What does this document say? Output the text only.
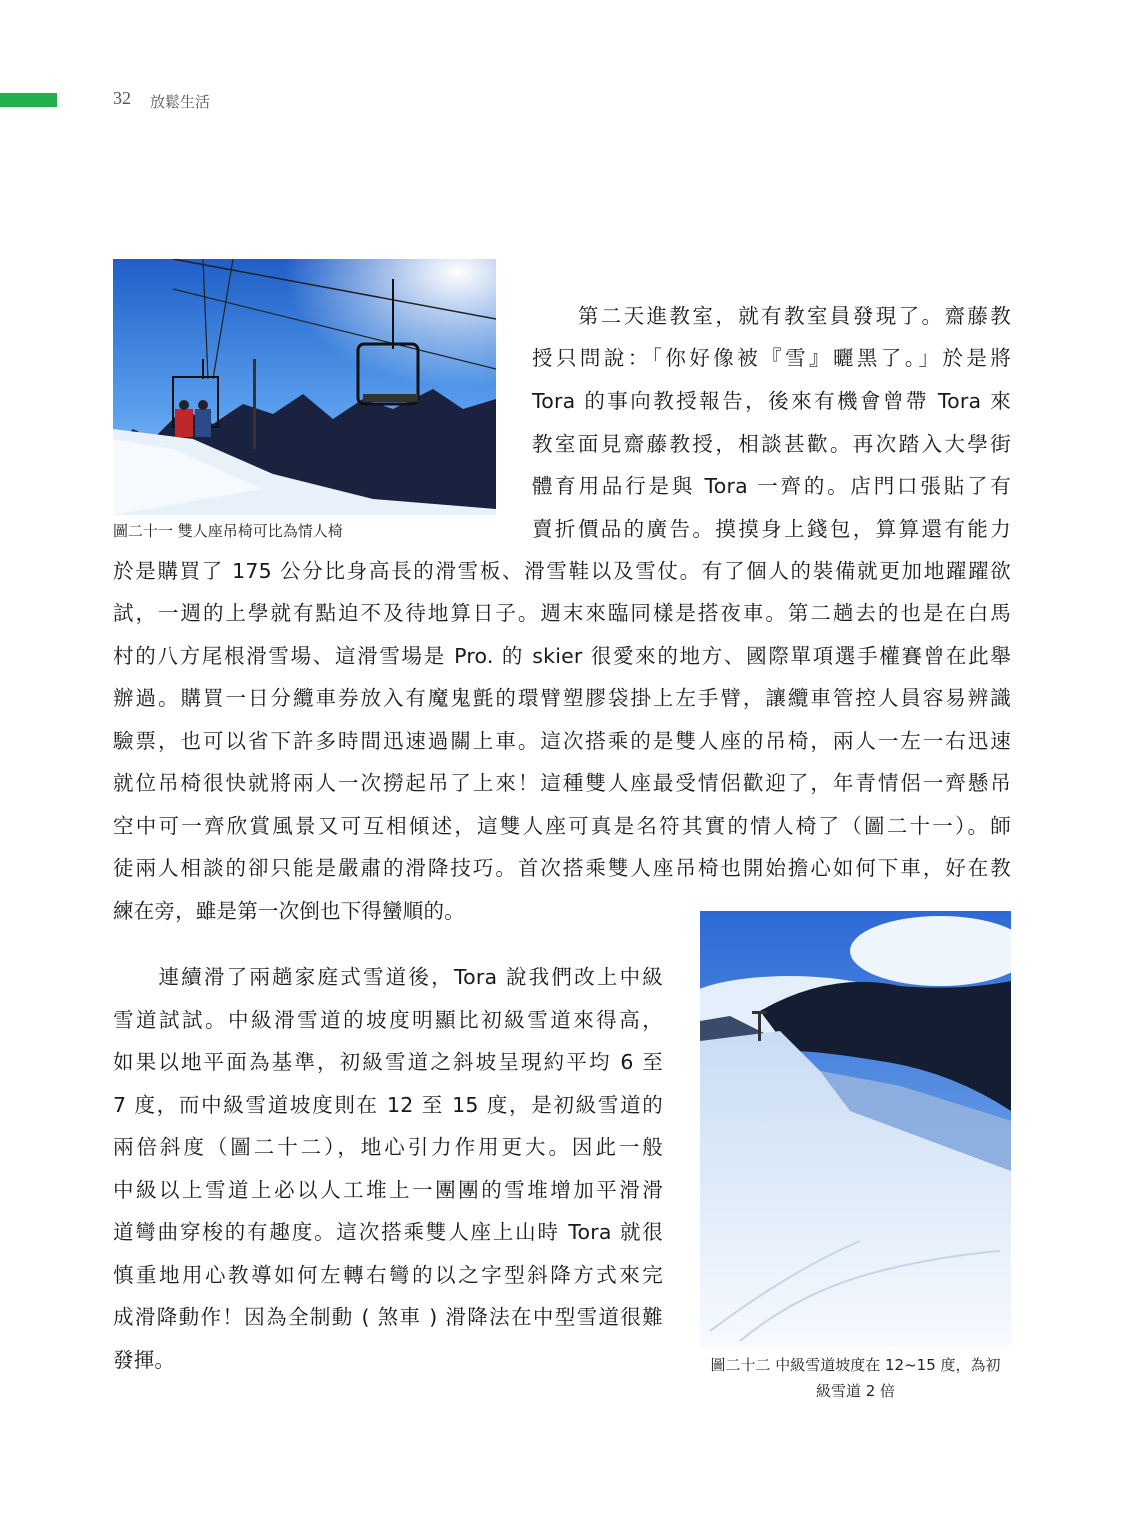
32 放鬆生活
圖二十一 雙人座吊椅可比為情人椅
圖二十二 中級雪道坡度在 12~15 度，為初
級雪道 2 倍
　　第二天進教室，就有教室員發現了。齋藤教
授只問說：「你好像被『雪』曬黑了。」於是將
Tora 的事向教授報告，後來有機會曾帶 Tora 來
教室面見齋藤教授，相談甚歡。再次踏入大學街
體育用品行是與 Tora 一齊的。店門口張貼了有
賣折價品的廣告。摸摸身上錢包，算算還有能力
於是購買了 175 公分比身高長的滑雪板、滑雪鞋以及雪仗。有了個人的裝備就更加地躍躍欲
試，一週的上學就有點迫不及待地算日子。週末來臨同樣是搭夜車。第二趟去的也是在白馬
村的八方尾根滑雪場、這滑雪場是 Pro. 的 skier 很愛來的地方、國際單項選手權賽曾在此舉
辦過。購買一日分纜車券放入有魔鬼氈的環臂塑膠袋掛上左手臂，讓纜車管控人員容易辨識
驗票，也可以省下許多時間迅速過關上車。這次搭乘的是雙人座的吊椅，兩人一左一右迅速
就位吊椅很快就將兩人一次撈起吊了上來！這種雙人座最受情侶歡迎了，年青情侶一齊懸吊
空中可一齊欣賞風景又可互相傾述，這雙人座可真是名符其實的情人椅了（圖二十一）。師
徒兩人相談的卻只能是嚴肅的滑降技巧。首次搭乘雙人座吊椅也開始擔心如何下車，好在教
練在旁，雖是第一次倒也下得蠻順的。
　　連續滑了兩趟家庭式雪道後，Tora 說我們改上中級
雪道試試。中級滑雪道的坡度明顯比初級雪道來得高，
如果以地平面為基準，初級雪道之斜坡呈現約平均 6 至
7 度，而中級雪道坡度則在 12 至 15 度，是初級雪道的
兩倍斜度（圖二十二），地心引力作用更大。因此一般
中級以上雪道上必以人工堆上一團團的雪堆增加平滑滑
道彎曲穿梭的有趣度。這次搭乘雙人座上山時 Tora 就很
慎重地用心教導如何左轉右彎的以之字型斜降方式來完
成滑降動作！因為全制動 ( 煞車 ) 滑降法在中型雪道很難
發揮。
